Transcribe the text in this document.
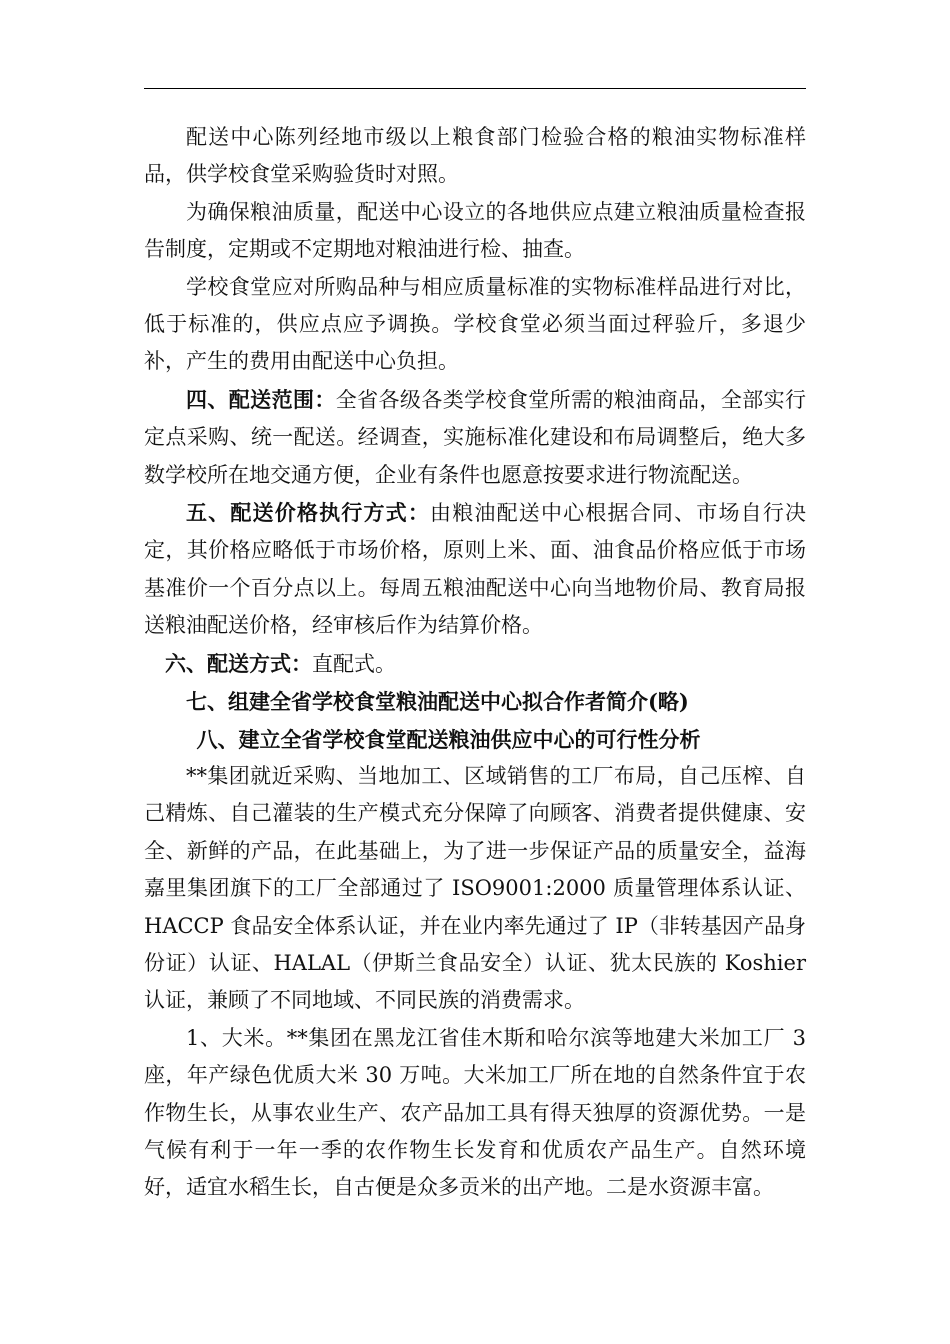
配送中心陈列经地市级以上粮食部门检验合格的粮油实物标准样品，供学校食堂采购验货时对照。

为确保粮油质量，配送中心设立的各地供应点建立粮油质量检查报告制度，定期或不定期地对粮油进行检、抽查。

学校食堂应对所购品种与相应质量标准的实物标准样品进行对比，低于标准的，供应点应予调换。学校食堂必须当面过秤验斤，多退少补，产生的费用由配送中心负担。

四、配送范围：全省各级各类学校食堂所需的粮油商品，全部实行定点采购、统一配送。经调查，实施标准化建设和布局调整后，绝大多数学校所在地交通方便，企业有条件也愿意按要求进行物流配送。

五、配送价格执行方式：由粮油配送中心根据合同、市场自行决定，其价格应略低于市场价格，原则上米、面、油食品价格应低于市场基准价一个百分点以上。每周五粮油配送中心向当地物价局、教育局报送粮油配送价格，经审核后作为结算价格。

六、配送方式：直配式。

七、组建全省学校食堂粮油配送中心拟合作者简介(略)

八、建立全省学校食堂配送粮油供应中心的可行性分析

**集团就近采购、当地加工、区域销售的工厂布局，自己压榨、自己精炼、自己灌装的生产模式充分保障了向顾客、消费者提供健康、安全、新鲜的产品，在此基础上，为了进一步保证产品的质量安全，益海嘉里集团旗下的工厂全部通过了 ISO9001:2000 质量管理体系认证、HACCP 食品安全体系认证，并在业内率先通过了 IP（非转基因产品身份证）认证、HALAL（伊斯兰食品安全）认证、犹太民族的 Koshier 认证，兼顾了不同地域、不同民族的消费需求。

1、大米。**集团在黑龙江省佳木斯和哈尔滨等地建大米加工厂 3 座，年产绿色优质大米 30 万吨。大米加工厂所在地的自然条件宜于农作物生长，从事农业生产、农产品加工具有得天独厚的资源优势。一是气候有利于一年一季的农作物生长发育和优质农产品生产。自然环境好，适宜水稻生长，自古便是众多贡米的出产地。二是水资源丰富。
